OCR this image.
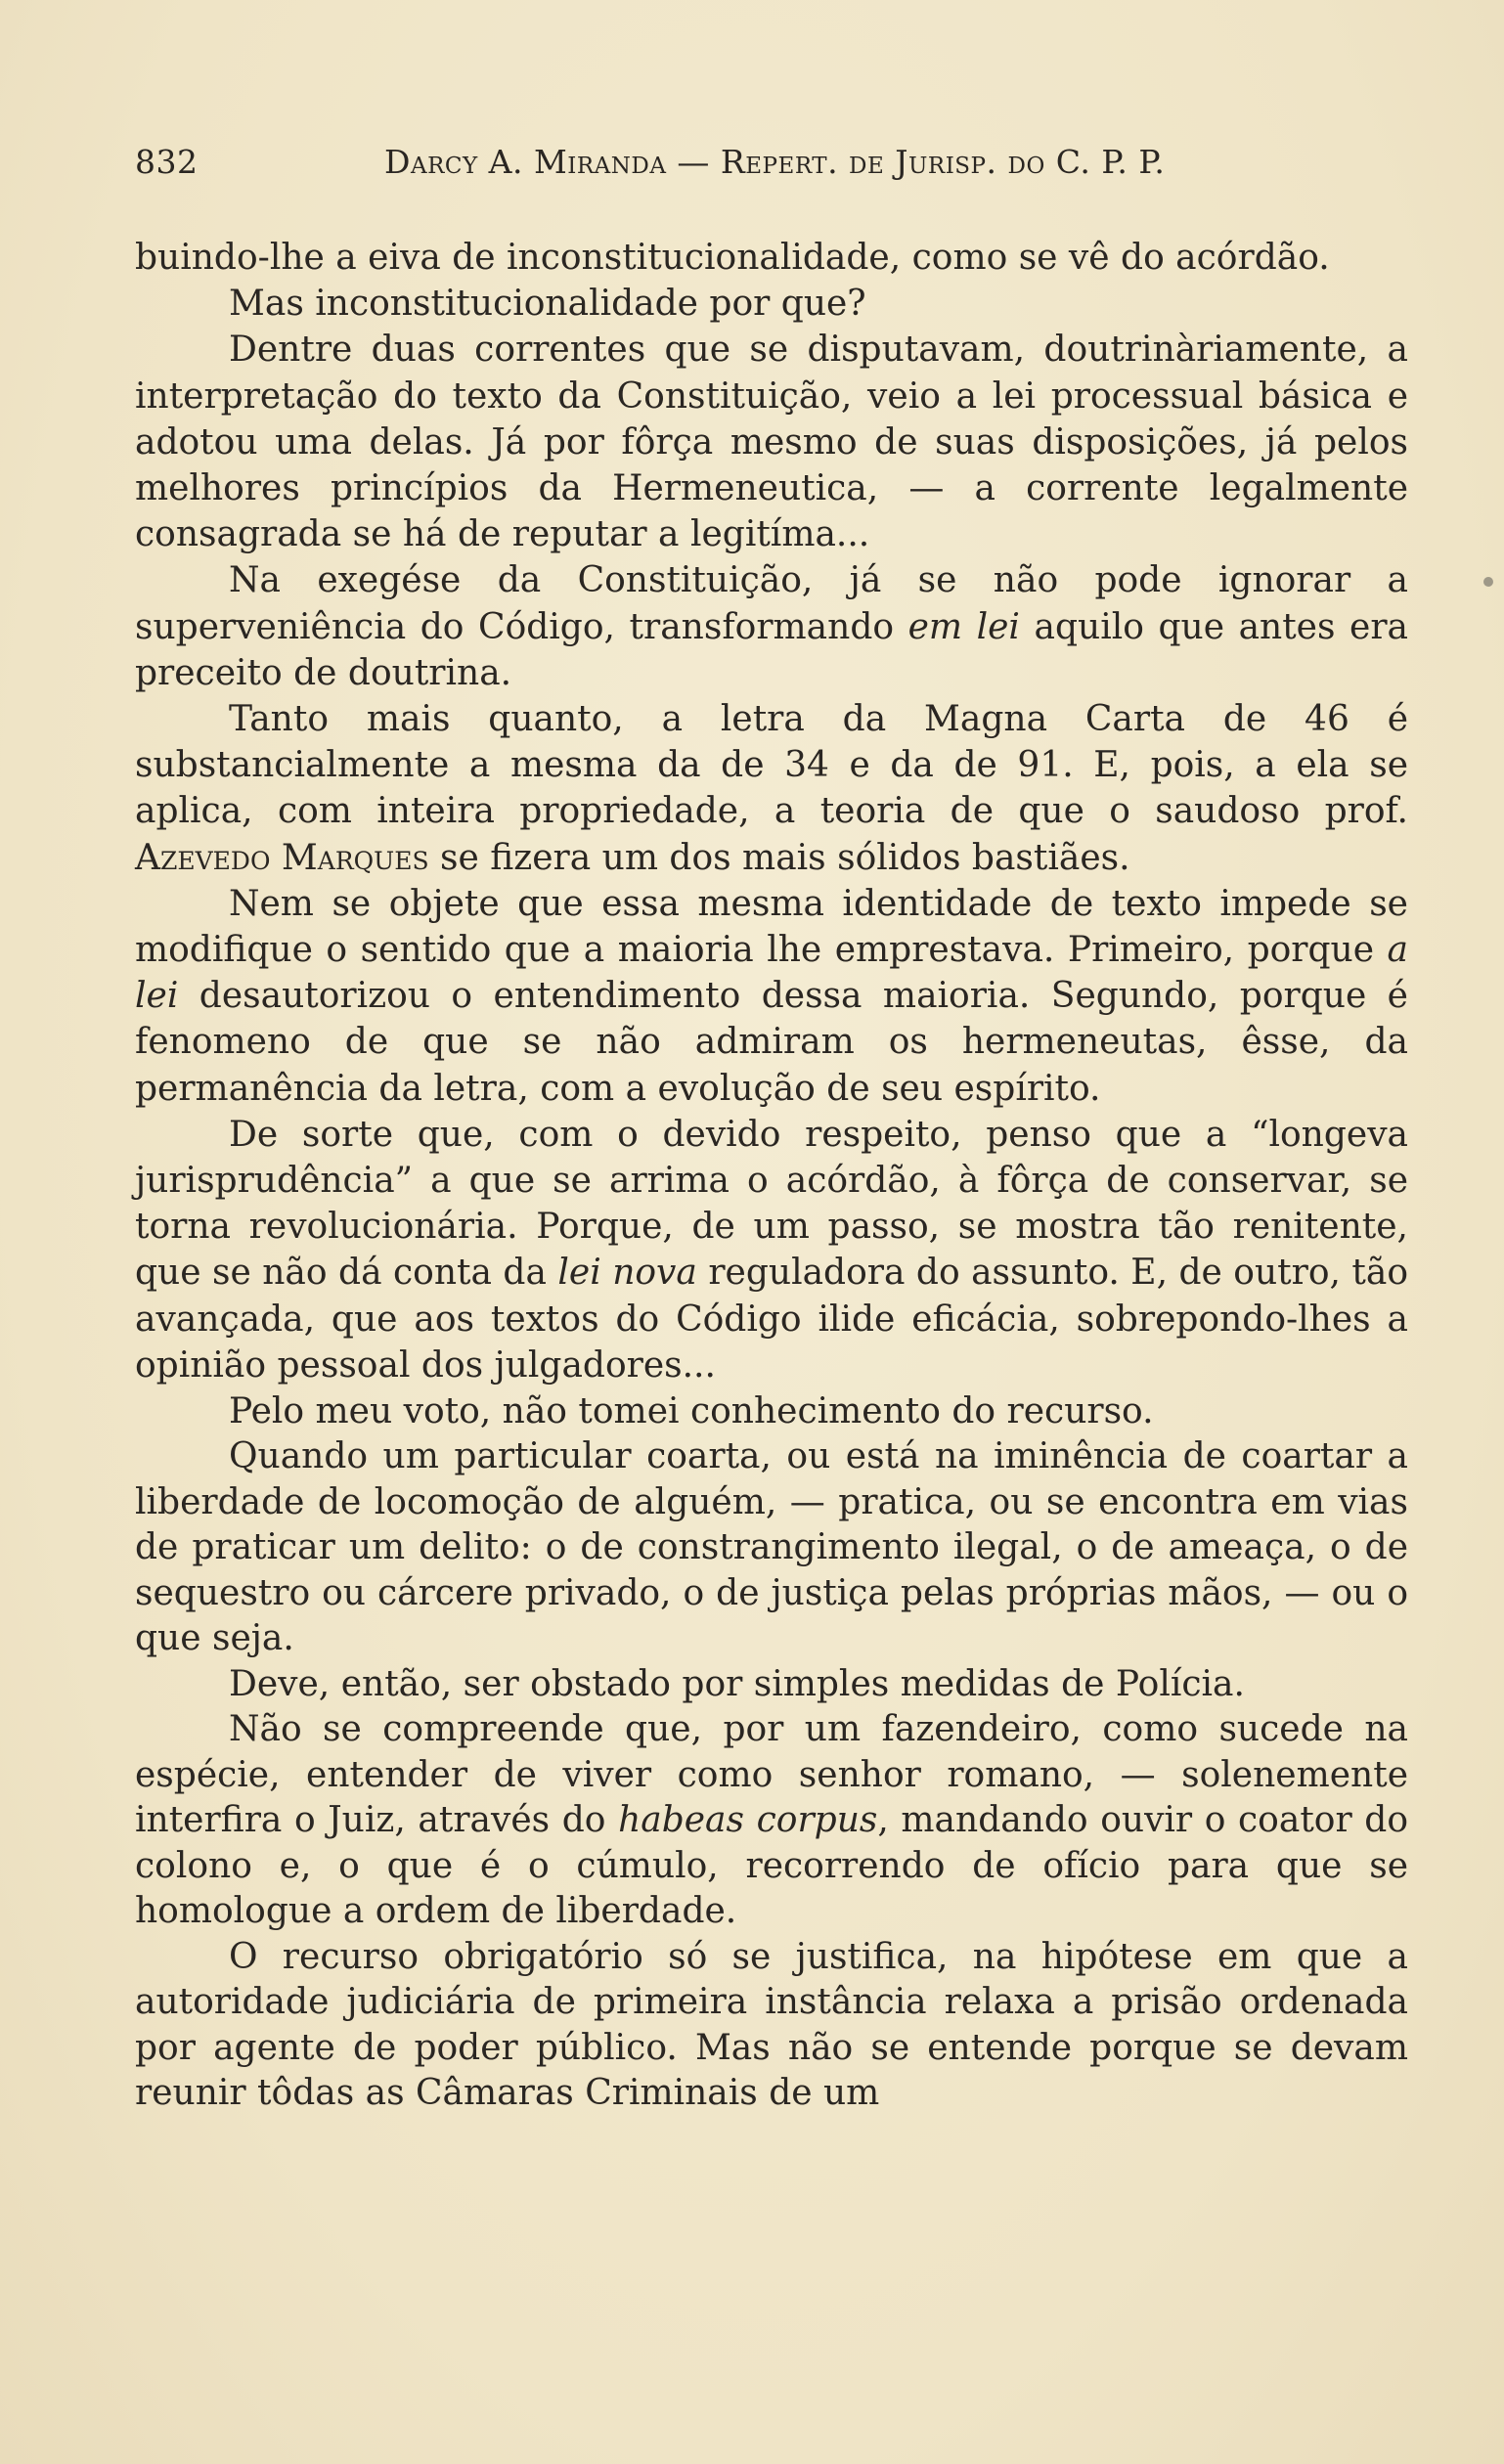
832	Darcy A. Miranda — Repert. de Jurisp. do C. P. P.

buindo-lhe a eiva de inconstitucionalidade, como se vê do acórdão.

Mas inconstitucionalidade por que?

Dentre duas correntes que se disputavam, doutrinàriamente, a interpretação do texto da Constituição, veio a lei processual básica e adotou uma delas. Já por fôrça mesmo de suas disposições, já pelos melhores princípios da Hermeneutica, — a corrente legalmente consagrada se há de reputar a legitíma...

Na exegése da Constituição, já se não pode ignorar a superveniência do Código, transformando em lei aquilo que antes era preceito de doutrina.

Tanto mais quanto, a letra da Magna Carta de 46 é substancialmente a mesma da de 34 e da de 91. E, pois, a ela se aplica, com inteira propriedade, a teoria de que o saudoso prof. Azevedo Marques se fizera um dos mais sólidos bastiães.

Nem se objete que essa mesma identidade de texto impede se modifique o sentido que a maioria lhe emprestava. Primeiro, porque a lei desautorizou o entendimento dessa maioria. Segundo, porque é fenomeno de que se não admiram os hermeneutas, êsse, da permanência da letra, com a evolução de seu espírito.

De sorte que, com o devido respeito, penso que a “longeva jurisprudência” a que se arrima o acórdão, à fôrça de conservar, se torna revolucionária. Porque, de um passo, se mostra tão renitente, que se não dá conta da lei nova reguladora do assunto. E, de outro, tão avançada, que aos textos do Código ilide eficácia, sobrepondo-lhes a opinião pessoal dos julgadores...

Pelo meu voto, não tomei conhecimento do recurso.

Quando um particular coarta, ou está na iminência de coartar a liberdade de locomoção de alguém, — pratica, ou se encontra em vias de praticar um delito: o de constrangimento ilegal, o de ameaça, o de sequestro ou cárcere privado, o de justiça pelas próprias mãos, — ou o que seja.

Deve, então, ser obstado por simples medidas de Polícia.

Não se compreende que, por um fazendeiro, como sucede na espécie, entender de viver como senhor romano, — solenemente interfira o Juiz, através do habeas corpus, mandando ouvir o coator do colono e, o que é o cúmulo, recorrendo de ofício para que se homologue a ordem de liberdade.

O recurso obrigatório só se justifica, na hipótese em que a autoridade judiciária de primeira instância relaxa a prisão ordenada por agente de poder público. Mas não se entende porque se devam reunir tôdas as Câmaras Criminais de um
